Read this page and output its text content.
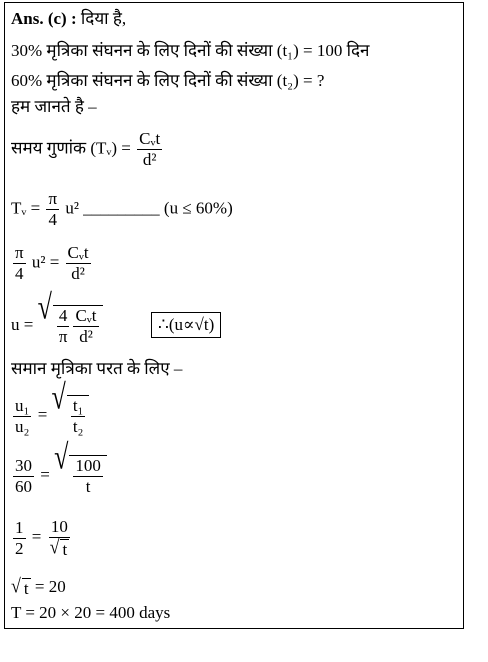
Ans. (c) : दिया है,
30% मृत्रिका संघनन के लिए दिनों की संख्या (t₁) = 100 दिन
60% मृत्रिका संघनन के लिए दिनों की संख्या (t₂) = ?
हम जानते है –
समय गुणांक (Tᵥ) = $\frac{\text{Cᵥt}}{\text{d²}}$
Tᵥ = $\frac{\pi}{4} u^2$ _________ (u ≤ 60%)
$\frac{\pi}{4} u^2 = \frac{\text{Cᵥt}}{\text{d²}}$
u = √ $\frac{4}{\pi} \frac{\text{Cᵥt}}{\text{d²}}$	∴(u∝√t)
समान मृत्रिका परत के लिए –
$\frac{\text{u₁}}{\text{u₂}}$ = √ $\frac{\text{t₁}}{\text{t₂}}$
$\frac{30}{60}$ = √ $\frac{100}{t}$
$\frac{1}{2} = \frac{10}{√ t}$
√ t = 20
T = 20 × 20 = 400 days
